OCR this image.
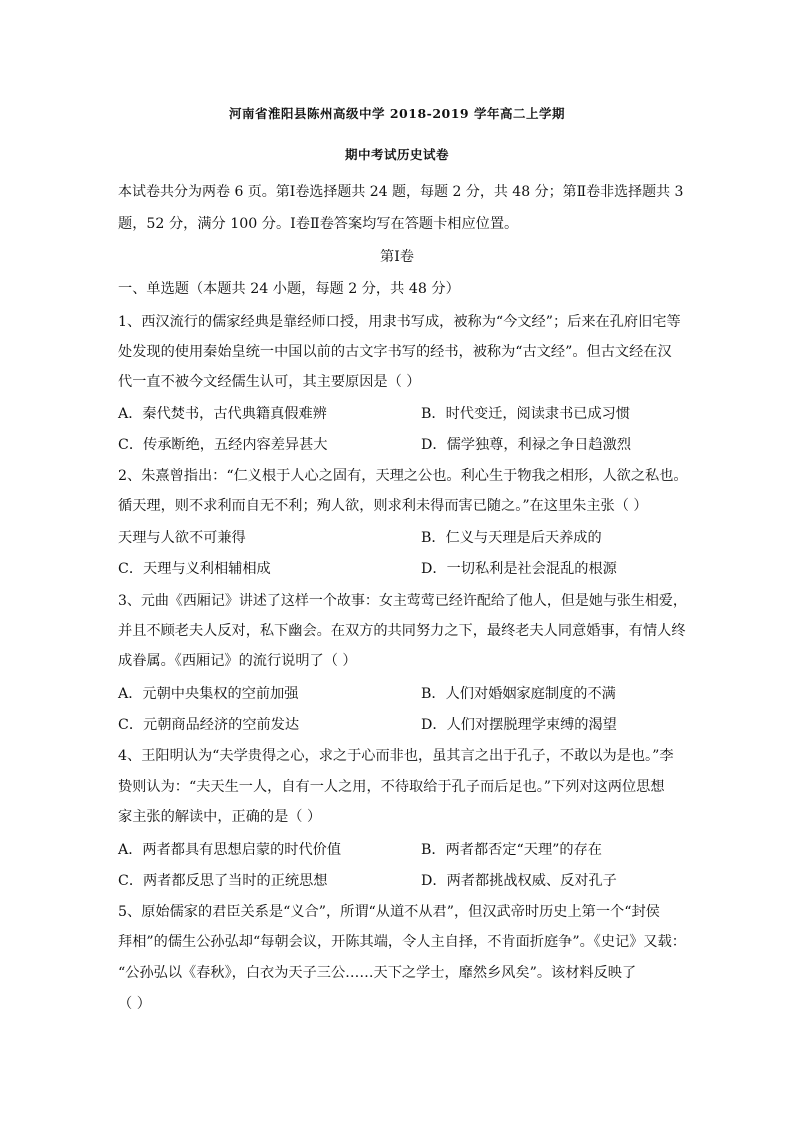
河南省淮阳县陈州高级中学 2018-2019 学年高二上学期
期中考试历史试卷
本试卷共分为两卷 6 页。第Ⅰ卷选择题共 24 题，每题 2 分，共 48 分；第Ⅱ卷非选择题共 3
题，52 分，满分 100 分。Ⅰ卷Ⅱ卷答案均写在答题卡相应位置。
第Ⅰ卷
一、单选题（本题共 24 小题，每题 2 分，共 48 分）
1、西汉流行的儒家经典是靠经师口授，用隶书写成，被称为“今文经”；后来在孔府旧宅等
处发现的使用秦始皇统一中国以前的古文字书写的经书，被称为“古文经”。但古文经在汉
代一直不被今文经儒生认可，其主要原因是（ ）
A．秦代焚书，古代典籍真假难辨	B．时代变迁，阅读隶书已成习惯
C．传承断绝，五经内容差异甚大	D．儒学独尊，利禄之争日趋激烈
2、朱熹曾指出：“仁义根于人心之固有，天理之公也。利心生于物我之相形，人欲之私也。
循天理，则不求利而自无不利；殉人欲，则求利未得而害已随之。”在这里朱主张（ ）
天理与人欲不可兼得	B．仁义与天理是后天养成的
C．天理与义利相辅相成	D．一切私利是社会混乱的根源
3、元曲《西厢记》讲述了这样一个故事：女主莺莺已经许配给了他人，但是她与张生相爱，
并且不顾老夫人反对，私下幽会。在双方的共同努力之下，最终老夫人同意婚事，有情人终
成眷属。《西厢记》的流行说明了（ ）
A．元朝中央集权的空前加强	B．人们对婚姻家庭制度的不满
C．元朝商品经济的空前发达	D．人们对摆脱理学束缚的渴望
4、王阳明认为“夫学贵得之心，求之于心而非也，虽其言之出于孔子，不敢以为是也。”李
贽则认为：“夫天生一人，自有一人之用，不待取给于孔子而后足也。”下列对这两位思想
家主张的解读中，正确的是（ ）
A．两者都具有思想启蒙的时代价值	B．两者都否定“天理”的存在
C．两者都反思了当时的正统思想	D．两者都挑战权威、反对孔子
5、原始儒家的君臣关系是“义合”，所谓“从道不从君”，但汉武帝时历史上第一个“封侯
拜相”的儒生公孙弘却“每朝会议，开陈其端，令人主自择，不肯面折庭争”。《史记》又载：
“公孙弘以《春秋》，白衣为天子三公……天下之学士，靡然乡风矣”。该材料反映了
（ ）
